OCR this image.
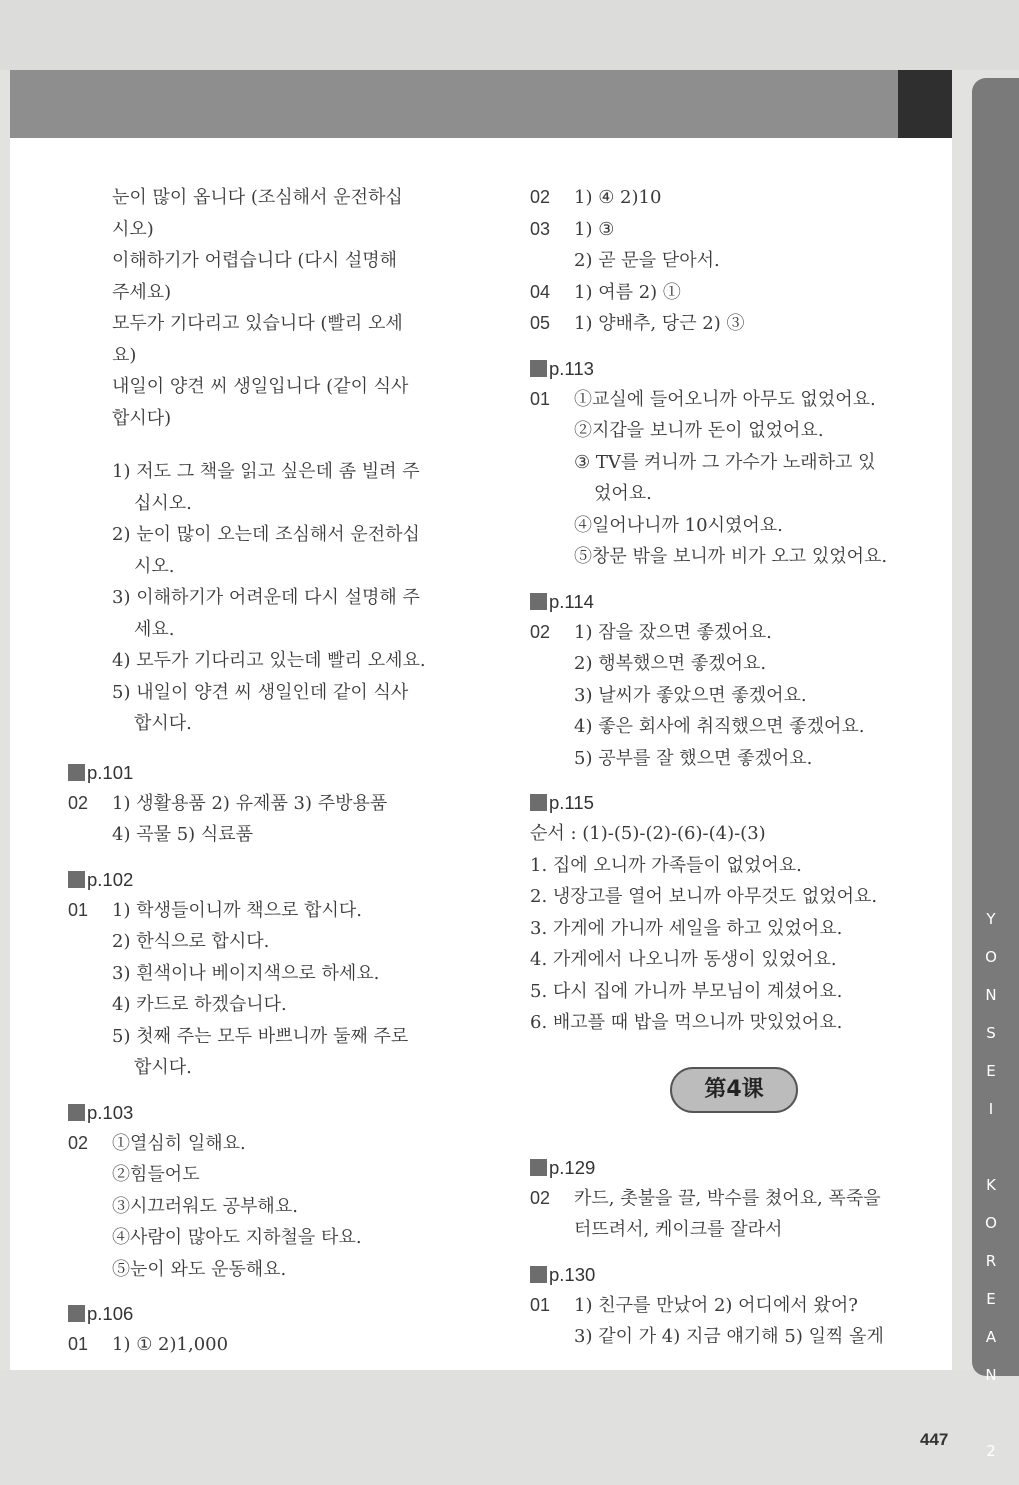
YONSEI KOREAN 2
눈이 많이 옵니다 (조심해서 운전하십
시오)
이해하기가 어렵습니다 (다시 설명해
주세요)
모두가 기다리고 있습니다 (빨리 오세
요)
내일이 양견 씨 생일입니다 (같이 식사
합시다)
1) 저도 그 책을 읽고 싶은데 좀 빌려 주
십시오.
2) 눈이 많이 오는데 조심해서 운전하십
시오.
3) 이해하기가 어려운데 다시 설명해 주
세요.
4) 모두가 기다리고 있는데 빨리 오세요.
5) 내일이 양견 씨 생일인데 같이 식사
합시다.
p.101
02 1) 생활용품 2) 유제품 3) 주방용품
4) 곡물 5) 식료품
p.102
01 1) 학생들이니까 책으로 합시다.
2) 한식으로 합시다.
3) 흰색이나 베이지색으로 하세요.
4) 카드로 하겠습니다.
5) 첫째 주는 모두 바쁘니까 둘째 주로
합시다.
p.103
02 ①열심히 일해요.
②힘들어도
③시끄러워도 공부해요.
④사람이 많아도 지하철을 타요.
⑤눈이 와도 운동해요.
p.106
01 1) ① 2)1,000
02 1) ④ 2)10
03 1) ③
2) 곧 문을 닫아서.
04 1) 여름 2) ①
05 1) 양배추, 당근 2) ③
p.113
01 ①교실에 들어오니까 아무도 없었어요.
②지갑을 보니까 돈이 없었어요.
③ TV를 켜니까 그 가수가 노래하고 있
었어요.
④일어나니까 10시였어요.
⑤창문 밖을 보니까 비가 오고 있었어요.
p.114
02 1) 잠을 잤으면 좋겠어요.
2) 행복했으면 좋겠어요.
3) 날씨가 좋았으면 좋겠어요.
4) 좋은 회사에 취직했으면 좋겠어요.
5) 공부를 잘 했으면 좋겠어요.
p.115
순서 : (1)-(5)-(2)-(6)-(4)-(3)
1. 집에 오니까 가족들이 없었어요.
2. 냉장고를 열어 보니까 아무것도 없었어요.
3. 가게에 가니까 세일을 하고 있었어요.
4. 가게에서 나오니까 동생이 있었어요.
5. 다시 집에 가니까 부모님이 계셨어요.
6. 배고플 때 밥을 먹으니까 맛있었어요.
第4课
p.129
02 카드, 촛불을 끌, 박수를 쳤어요, 폭죽을
터뜨려서, 케이크를 잘라서
p.130
01 1) 친구를 만났어 2) 어디에서 왔어?
3) 같이 가 4) 지금 얘기해 5) 일찍 올게
447
